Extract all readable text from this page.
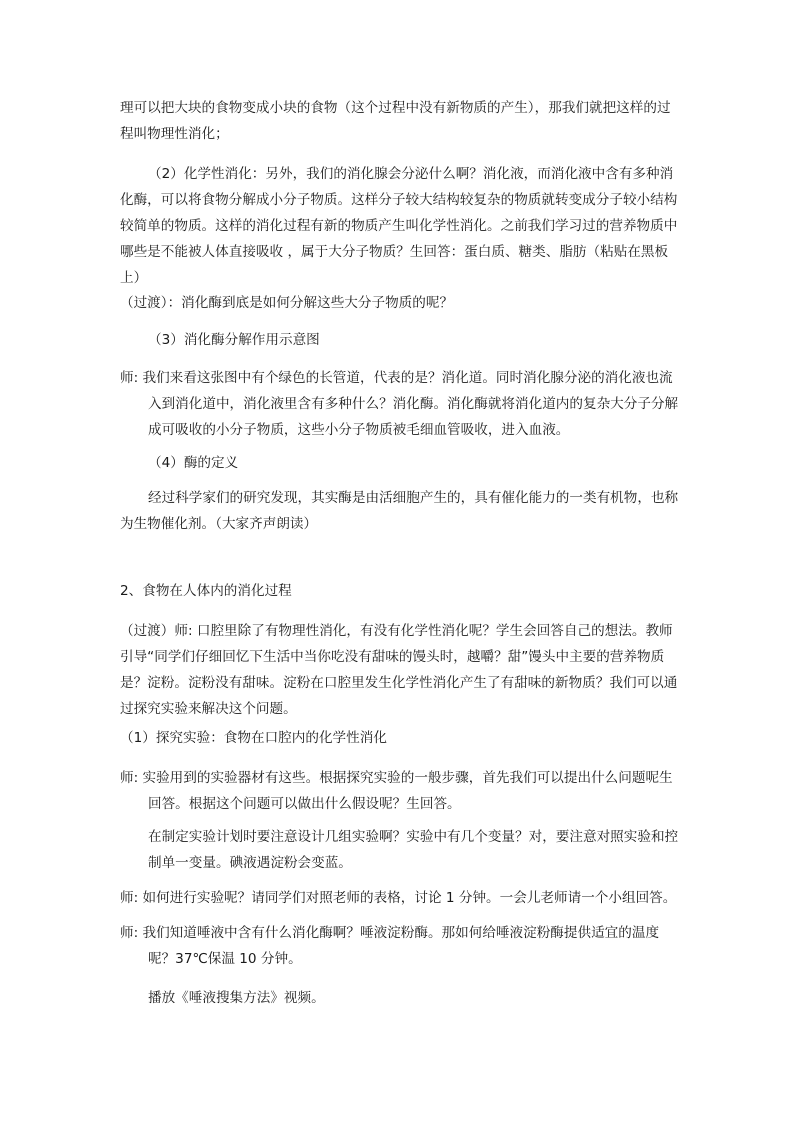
理可以把大块的食物变成小块的食物（这个过程中没有新物质的产生），那我们就把这样的过程叫物理性消化；

（2）化学性消化：另外，我们的消化腺会分泌什么啊？消化液，而消化液中含有多种消化酶，可以将食物分解成小分子物质。这样分子较大结构较复杂的物质就转变成分子较小结构较简单的物质。这样的消化过程有新的物质产生叫化学性消化。之前我们学习过的营养物质中哪些是不能被人体直接吸收 ，属于大分子物质？生回答：蛋白质、糖类、脂肪（粘贴在黑板上）

（过渡）：消化酶到底是如何分解这些大分子物质的呢？

（3）消化酶分解作用示意图

师: 我们来看这张图中有个绿色的长管道，代表的是？消化道。同时消化腺分泌的消化液也流入到消化道中，消化液里含有多种什么？消化酶。消化酶就将消化道内的复杂大分子分解成可吸收的小分子物质，这些小分子物质被毛细血管吸收，进入血液。

（4）酶的定义

经过科学家们的研究发现，其实酶是由活细胞产生的，具有催化能力的一类有机物，也称为生物催化剂。（大家齐声朗读）

2、食物在人体内的消化过程

（过渡）师: 口腔里除了有物理性消化，有没有化学性消化呢？学生会回答自己的想法。教师引导“同学们仔细回忆下生活中当你吃没有甜味的馒头时，越嚼？甜”馒头中主要的营养物质是？淀粉。淀粉没有甜味。淀粉在口腔里发生化学性消化产生了有甜味的新物质？我们可以通过探究实验来解决这个问题。

（1）探究实验：食物在口腔内的化学性消化

师: 实验用到的实验器材有这些。根据探究实验的一般步骤，首先我们可以提出什么问题呢生回答。根据这个问题可以做出什么假设呢？生回答。

在制定实验计划时要注意设计几组实验啊？实验中有几个变量？对，要注意对照实验和控制单一变量。碘液遇淀粉会变蓝。

师: 如何进行实验呢？请同学们对照老师的表格，讨论 1 分钟。一会儿老师请一个小组回答。

师: 我们知道唾液中含有什么消化酶啊？唾液淀粉酶。那如何给唾液淀粉酶提供适宜的温度呢？37℃保温 10 分钟。

播放《唾液搜集方法》视频。
